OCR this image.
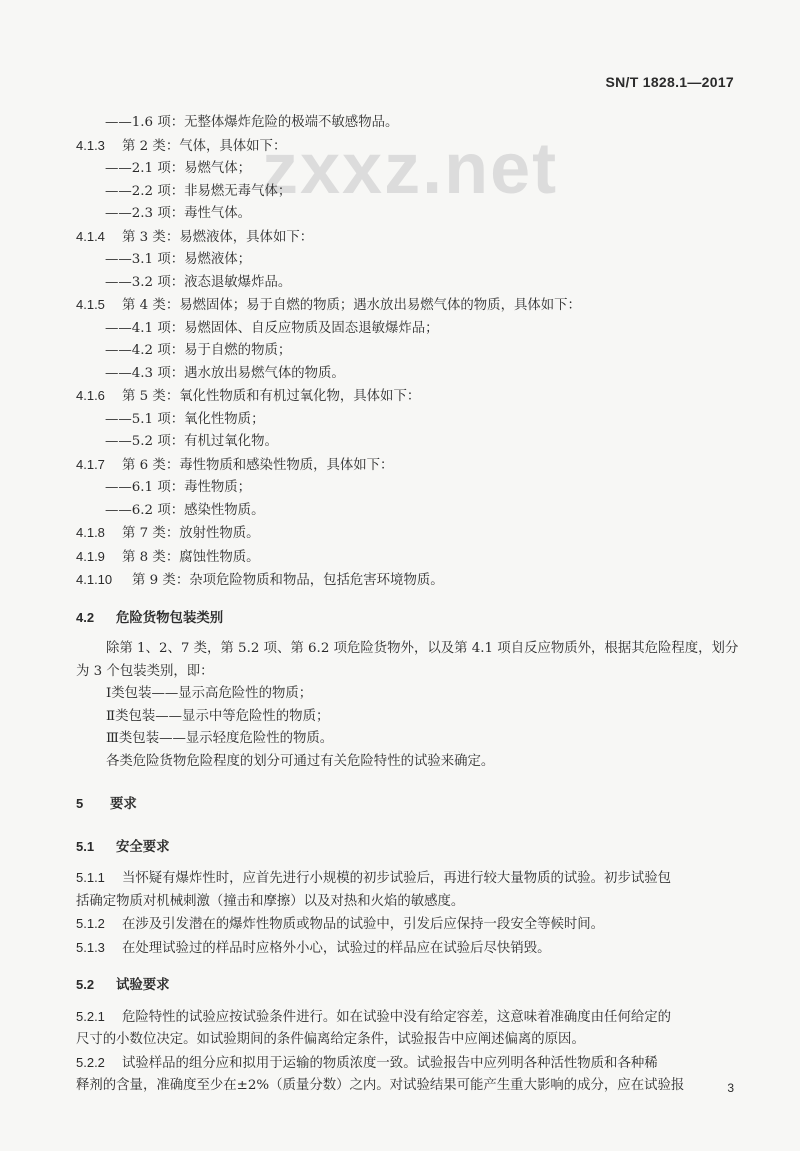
SN/T 1828.1—2017
zxxz.net
——1.6 项：无整体爆炸危险的极端不敏感物品。
4.1.3 第 2 类：气体，具体如下：
——2.1 项：易燃气体；
——2.2 项：非易燃无毒气体；
——2.3 项：毒性气体。
4.1.4 第 3 类：易燃液体，具体如下：
——3.1 项：易燃液体；
——3.2 项：液态退敏爆炸品。
4.1.5 第 4 类：易燃固体；易于自燃的物质；遇水放出易燃气体的物质，具体如下：
——4.1 项：易燃固体、自反应物质及固态退敏爆炸品；
——4.2 项：易于自燃的物质；
——4.3 项：遇水放出易燃气体的物质。
4.1.6 第 5 类：氧化性物质和有机过氧化物，具体如下：
——5.1 项：氧化性物质；
——5.2 项：有机过氧化物。
4.1.7 第 6 类：毒性物质和感染性物质，具体如下：
——6.1 项：毒性物质；
——6.2 项：感染性物质。
4.1.8 第 7 类：放射性物质。
4.1.9 第 8 类：腐蚀性物质。
4.1.10 第 9 类：杂项危险物质和物品，包括危害环境物质。
4.2 危险货物包装类别
除第 1、2、7 类，第 5.2 项、第 6.2 项危险货物外，以及第 4.1 项自反应物质外，根据其危险程度，划分
为 3 个包装类别，即：
Ⅰ类包装——显示高危险性的物质；
Ⅱ类包装——显示中等危险性的物质；
Ⅲ类包装——显示轻度危险性的物质。
各类危险货物危险程度的划分可通过有关危险特性的试验来确定。
5 要求
5.1 安全要求
5.1.1 当怀疑有爆炸性时，应首先进行小规模的初步试验后，再进行较大量物质的试验。初步试验包
括确定物质对机械刺激（撞击和摩擦）以及对热和火焰的敏感度。
5.1.2 在涉及引发潜在的爆炸性物质或物品的试验中，引发后应保持一段安全等候时间。
5.1.3 在处理试验过的样品时应格外小心，试验过的样品应在试验后尽快销毁。
5.2 试验要求
5.2.1 危险特性的试验应按试验条件进行。如在试验中没有给定容差，这意味着准确度由任何给定的
尺寸的小数位决定。如试验期间的条件偏离给定条件，试验报告中应阐述偏离的原因。
5.2.2 试验样品的组分应和拟用于运输的物质浓度一致。试验报告中应列明各种活性物质和各种稀
释剂的含量，准确度至少在±2%（质量分数）之内。对试验结果可能产生重大影响的成分，应在试验报	3
